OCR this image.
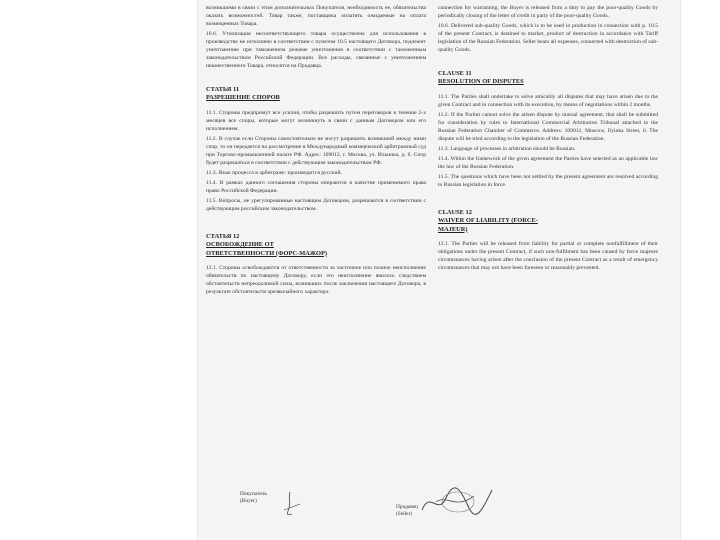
возникшими в связи с этим дополнительных Покупателя, необходимость ее, обязательства оказать возможностей. Товар также, поставщика оплатить ожидаемые на оплата возмещенных Товара.

10.6. Утилизация несоответствующего товара осуществлена для использования в производстве не исполнено в соответствии с пунктом 10.5 настоящего Договора, подлежит уничтожению при таможенном режиме уничтожения в соответствии с таможенным законодательством Российской Федерации. Все расходы, связанные с уничтожением некачественного Товара, относятся на Продавца.

СТАТЬЯ 11
РАЗРЕШЕНИЕ СПОРОВ

11.1. Стороны предпримут все усилия, чтобы разрешить путем переговоров в течение 2-х месяцев все споры, которые могут возникнуть в связи с данным Договором или его исполнением.

11.2. В случае если Стороны самостоятельно не могут разрешить возникший между ними спор, то он передается на рассмотрение в Международный коммерческий арбитражный суд при Торгово-промышленной палате РФ. Адрес: 109012, г. Москва, ул. Ильинка, д. 6. Спор будет разрешаться в соответствии с действующим законодательством РФ.

11.3. Язык процесса в арбитраже: производится русский.

11.4. В рамках данного соглашения стороны опираются в качестве применимого права право Российской Федерации.

11.5. Вопросы, не урегулированные настоящим Договором, разрешаются в соответствии с действующим российским законодательством.

СТАТЬЯ 12
ОСВОБОЖДЕНИЕ ОТ
ОТВЕТСТВЕННОСТИ (ФОРС-МАЖОР)

12.1. Стороны освобождаются от ответственности за частичное или полное неисполнение обязательств по настоящему Договору, если это неисполнение явилось следствием обстоятельств непреодолимой силы, возникших после заключения настоящего Договора, в результате обстоятельств чрезвычайного характера.

connection for warranting, the Buyer is released from a duty to pay the poor-quality Goods by periodically closing of the letter of credit in party of the poor-quality Goods.

10.6. Delivered sub-quality Goods, which is to be used in production in connection with p. 10.5 of the present Contract, is destined to market, product of destruction in accordance with Tariff legislation of the Russian Federation. Seller bears all expenses, connected with destruction of sub-quality Goods.

CLAUSE 11
RESOLUTION OF DISPUTES

11.1. The Parties shall undertake to solve amicably all disputes that may have arisen due to the given Contract and in connection with its execution, by means of negotiations within 2 months.

11.2. If the Parties cannot solve the arisen dispute by mutual agreement, that shall be submitted for consideration by rules to International Commercial Arbitration Tribunal attached to the Russian Federation Chamber of Commerce. Address: 109012, Moscow, Ilyinka Street, 6. The dispute will be tried according to the legislation of the Russian Federation.

11.3. Language of processes in arbitration should be Russian.

11.4. Within the framework of the given agreement the Parties have selected as an applicable law the law of the Russian Federation.

11.5. The questions which have been not settled by the present agreement are resolved according to Russian legislation in force.

CLAUSE 12
WAIVER OF LIABILITY (FORCE-
MAJEUR)

12.1. The Parties will be released from liability for partial or complete nonfulfillment of their obligations under the present Contract, if such non-fulfilment has been caused by force majeure circumstances having arisen after the conclusion of the present Contract as a result of emergency circumstances that may not have been foreseen or reasonably prevented.

Покупатель
(Buyer)
Продавец
(Seller)
